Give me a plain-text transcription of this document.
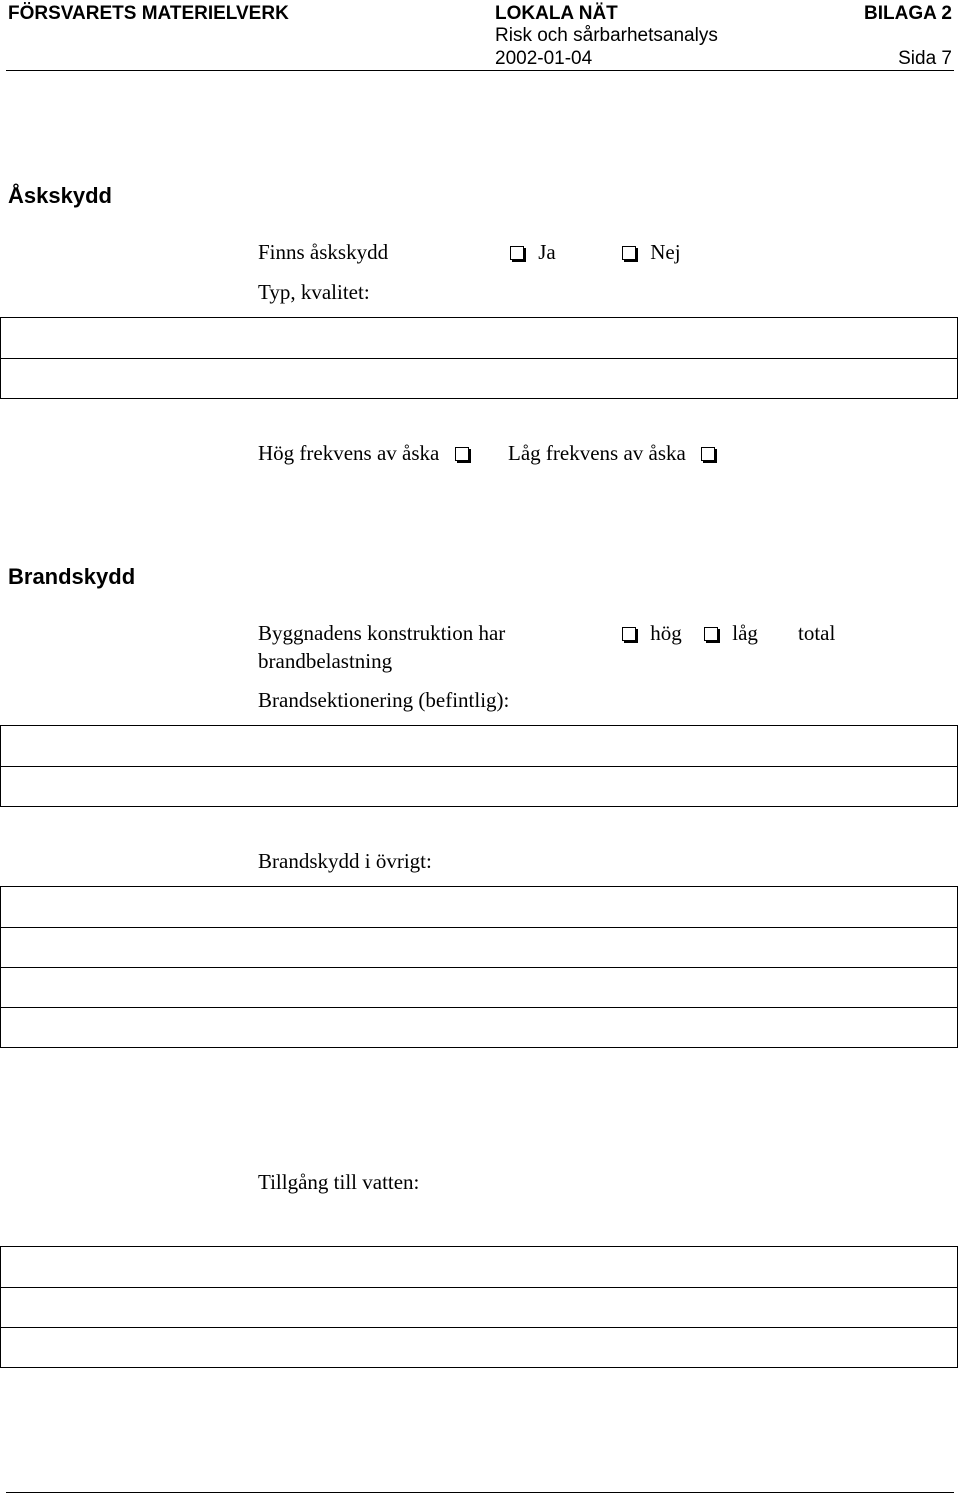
FÖRSVARETS MATERIELVERK	LOKALA NÄT
Risk och sårbarhetsanalys
2002-01-04
BILAGA 2
Sida 7
Åskskydd
Finns åskskydd	Ja	Nej
Typ, kvalitet:
Hög frekvens av åska	Låg frekvens av åska
Brandskydd
Byggnadens konstruktion har
brandbelastning
hög	låg total
Brandsektionering (befintlig):
Brandskydd i övrigt:
Tillgång till vatten:
